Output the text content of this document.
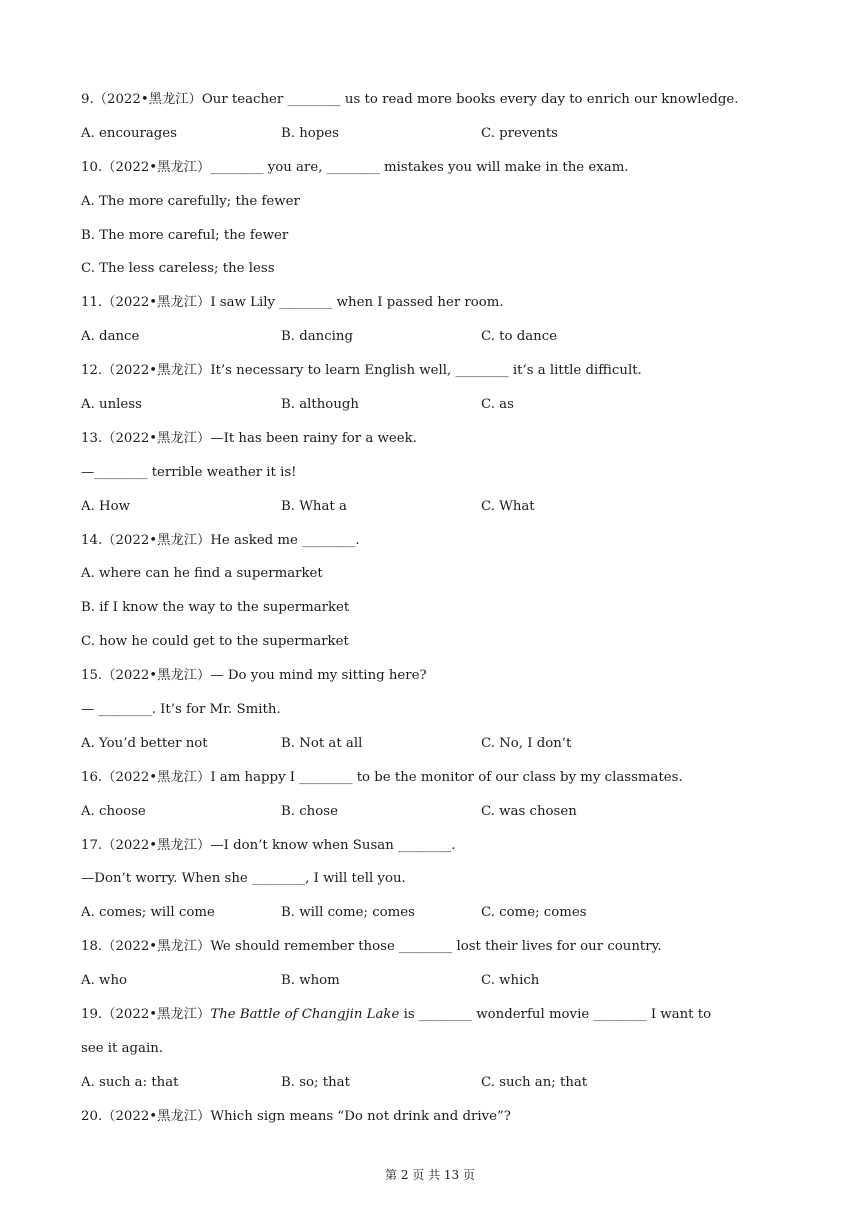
9.（2022•黑龙江）Our teacher ________ us to read more books every day to enrich our knowledge.
A. encourages	B. hopes	C. prevents
10.（2022•黑龙江）________ you are, ________ mistakes you will make in the exam.
A. The more carefully; the fewer
B. The more careful; the fewer
C. The less careless; the less
11.（2022•黑龙江）I saw Lily ________ when I passed her room.
A. dance	B. dancing	C. to dance
12.（2022•黑龙江）It’s necessary to learn English well, ________ it’s a little difficult.
A. unless	B. although	C. as
13.（2022•黑龙江）—It has been rainy for a week.
—________ terrible weather it is!
A. How	B. What a	C. What
14.（2022•黑龙江）He asked me ________.
A. where can he find a supermarket
B. if I know the way to the supermarket
C. how he could get to the supermarket
15.（2022•黑龙江）— Do you mind my sitting here?
— ________. It’s for Mr. Smith.
A. You’d better not	B. Not at all	C. No, I don’t
16.（2022•黑龙江）I am happy I ________ to be the monitor of our class by my classmates.
A. choose	B. chose	C. was chosen
17.（2022•黑龙江）—I don’t know when Susan ________.
—Don’t worry. When she ________, I will tell you.
A. comes; will come	B. will come; comes	C. come; comes
18.（2022•黑龙江）We should remember those ________ lost their lives for our country.
A. who	B. whom	C. which
19.（2022•黑龙江）The Battle of Changjin Lake is ________ wonderful movie ________ I want to
see it again.
A. such a: that	B. so; that	C. such an; that
20.（2022•黑龙江）Which sign means “Do not drink and drive”?
第 2 页 共 13 页
